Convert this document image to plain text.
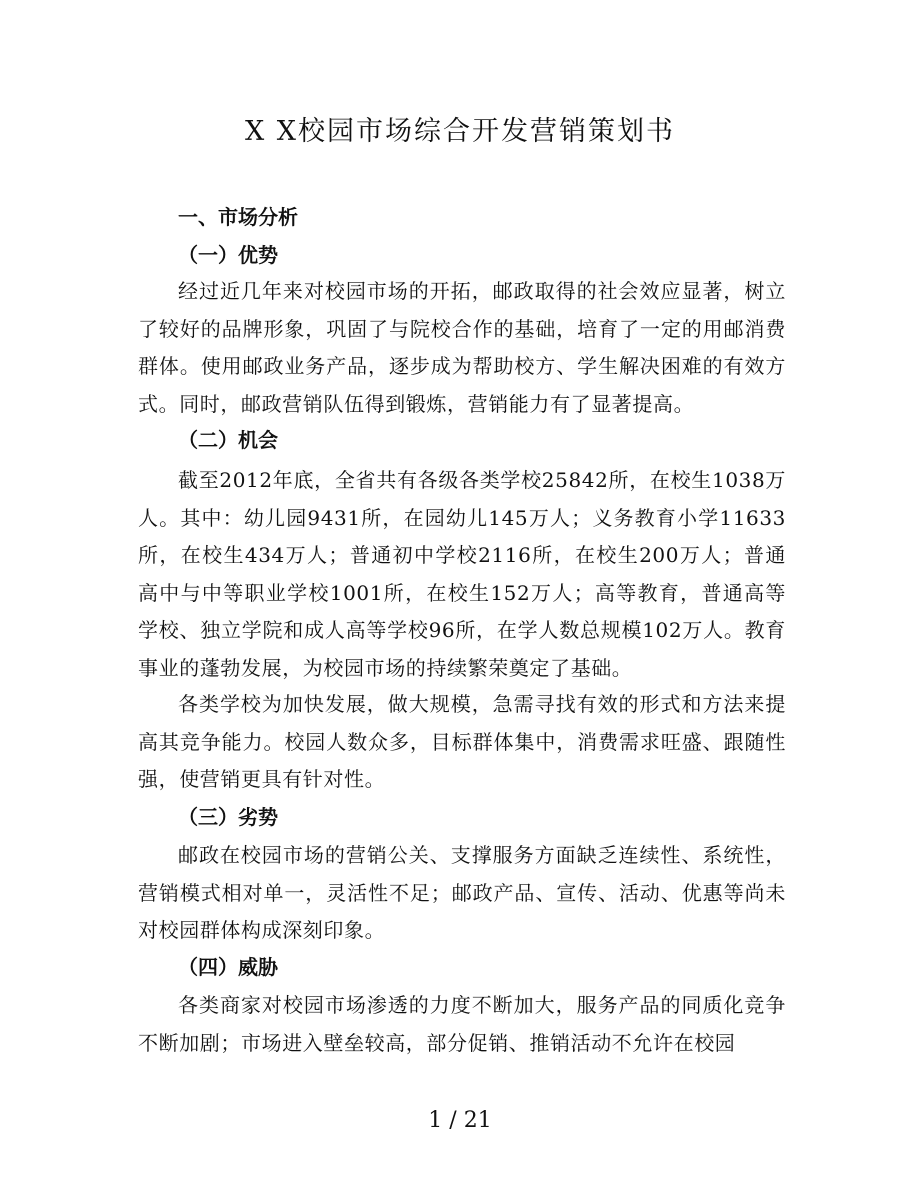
X X校园市场综合开发营销策划书
一、市场分析
（一）优势
经过近几年来对校园市场的开拓，邮政取得的社会效应显著，树立了较好的品牌形象，巩固了与院校合作的基础，培育了一定的用邮消费群体。使用邮政业务产品，逐步成为帮助校方、学生解决困难的有效方式。同时，邮政营销队伍得到锻炼，营销能力有了显著提高。
（二）机会
截至2012年底，全省共有各级各类学校25842所，在校生1038万人。其中：幼儿园9431所，在园幼儿145万人；义务教育小学11633所，在校生434万人；普通初中学校2116所，在校生200万人；普通高中与中等职业学校1001所，在校生152万人；高等教育，普通高等学校、独立学院和成人高等学校96所，在学人数总规模102万人。教育事业的蓬勃发展，为校园市场的持续繁荣奠定了基础。
各类学校为加快发展，做大规模，急需寻找有效的形式和方法来提高其竞争能力。校园人数众多，目标群体集中，消费需求旺盛、跟随性强，使营销更具有针对性。
（三）劣势
邮政在校园市场的营销公关、支撑服务方面缺乏连续性、系统性，营销模式相对单一，灵活性不足；邮政产品、宣传、活动、优惠等尚未对校园群体构成深刻印象。
（四）威胁
各类商家对校园市场渗透的力度不断加大，服务产品的同质化竞争不断加剧；市场进入壁垒较高，部分促销、推销活动不允许在校园
1 / 21
